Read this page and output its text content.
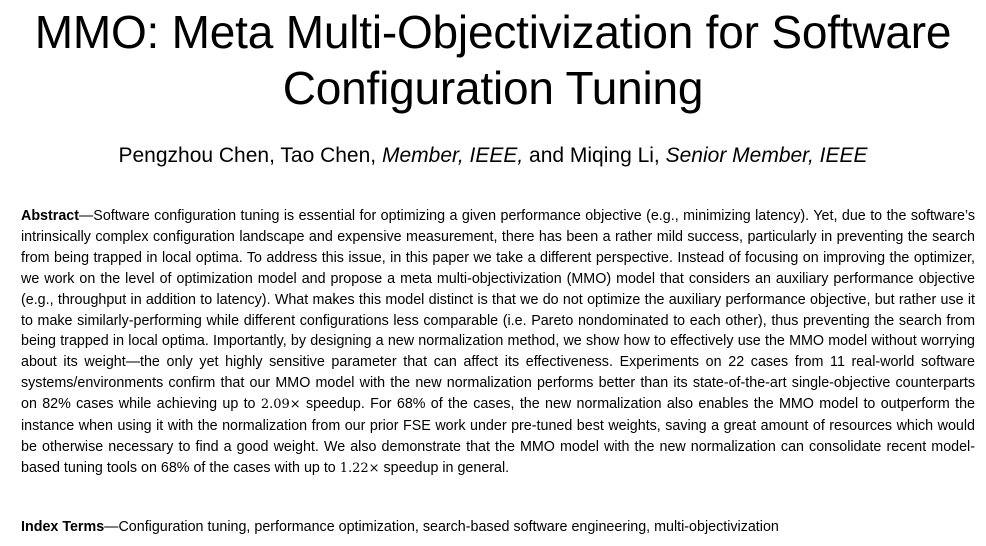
MMO: Meta Multi-Objectivization for Software Configuration Tuning
Pengzhou Chen, Tao Chen, Member, IEEE, and Miqing Li, Senior Member, IEEE

Abstract—Software configuration tuning is essential for optimizing a given performance objective (e.g., minimizing latency). Yet, due to the software’s intrinsically complex configuration landscape and expensive measurement, there has been a rather mild success, particularly in preventing the search from being trapped in local optima. To address this issue, in this paper we take a different perspective. Instead of focusing on improving the optimizer, we work on the level of optimization model and propose a meta multi-objectivization (MMO) model that considers an auxiliary performance objective (e.g., throughput in addition to latency). What makes this model distinct is that we do not optimize the auxiliary performance objective, but rather use it to make similarly-performing while different configurations less comparable (i.e. Pareto nondominated to each other), thus preventing the search from being trapped in local optima. Importantly, by designing a new normalization method, we show how to effectively use the MMO model without worrying about its weight—the only yet highly sensitive parameter that can affect its effectiveness. Experiments on 22 cases from 11 real-world software systems/environments confirm that our MMO model with the new normalization performs better than its state-of-the-art single-objective counterparts on 82% cases while achieving up to 2.09× speedup. For 68% of the cases, the new normalization also enables the MMO model to outperform the instance when using it with the normalization from our prior FSE work under pre-tuned best weights, saving a great amount of resources which would be otherwise necessary to find a good weight. We also demonstrate that the MMO model with the new normalization can consolidate recent model-based tuning tools on 68% of the cases with up to 1.22× speedup in general.

Index Terms—Configuration tuning, performance optimization, search-based software engineering, multi-objectivization
